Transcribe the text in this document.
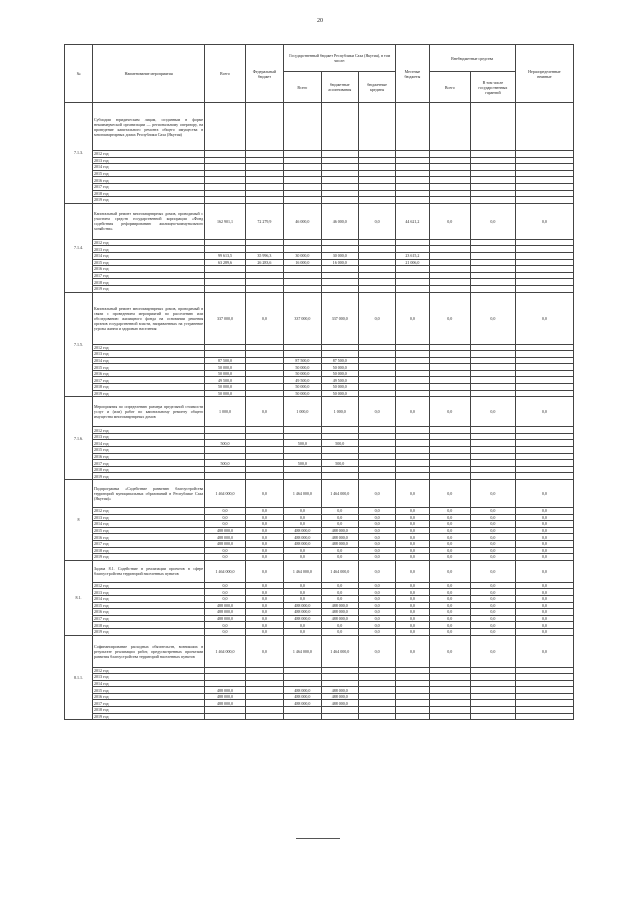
20
№	Наименование мероприятия	Всего	Федеральный бюджет	Государственный бюджет Республики Саха (Якутия), в том числе:			Местные бюджеты	Внебюджетные средства		Нераспределенные
неявные
				Всего	бюджетные ассигнования	бюджетные кредиты		Всего	В том числе государственных гарантий	
7.1.3.	Субсидии юридическим лицам, созданным в форме некоммерческой организации — региональному оператору, на проведение капитального ремонта общего имущества в многоквартирных домах Республики Саха (Якутия)									
	2012 год									
	2013 год									
	2014 год									
	2015 год									
	2016 год									
	2017 год									
	2018 год									
	2019 год									
7.1.4.	Капитальный ремонт многоквартирных домов, проводимый с участием средств государственной корпорации «Фонд содействия реформированию жилищно-коммунального хозяйства»	162 901,1	72 279,9	46 000,0	46 000,0	0,0	44 621,2	0,0	0,0	0,0
	2012 год									
	2013 год									
	2014 год	99 613,5	35 996,3	30 000,0	30 000,0		23 615,2			
	2015 год	63 289,6	26 283,6	16 000,0	16 000,0		21 006,0			
	2016 год									
	2017 год									
	2018 год									
	2019 год									
7.1.5.	Капитальный ремонт многоквартирных домов, проводимый в связи с проведением мероприятий по расселению или обследованию жилищного фонда на основании решения органов государственной власти, направленных на устранение угрозы жизни и здоровью населения	337 000,0	0,0	337 000,0	337 000,0	0,0	0,0	0,0	0,0	0,0
	2012 год									
	2013 год									
	2014 год	87 500,0		87 500,0	87 500,0					
	2015 год	50 000,0		50 000,0	50 000,0					
	2016 год	50 000,0		50 000,0	50 000,0					
	2017 год	49 500,0		49 500,0	49 500,0					
	2018 год	50 000,0		50 000,0	50 000,0					
	2019 год	50 000,0		50 000,0	50 000,0					
7.1.6.	Мероприятия по определению размера предельной стоимости услуг и (или) работ по капитальному ремонту общего имущества многоквартирных домов	1 000,0	0,0	1 000,0	1 000,0	0,0	0,0	0,0	0,0	0,0
	2012 год									
	2013 год									
	2014 год	500,0		500,0	500,0					
	2015 год									
	2016 год									
	2017 год	500,0		500,0	500,0					
	2018 год									
	2019 год									
8	Подпрограмма «Содействие развитию благоустройства территорий муниципальных образований в Республике Саха (Якутия)»	1 464 000,0	0,0	1 464 000,0	1 464 000,0	0,0	0,0	0,0	0,0	0,0
	2012 год	0,0	0,0	0,0	0,0	0,0	0,0	0,0	0,0	0,0
	2013 год	0,0	0,0	0,0	0,0	0,0	0,0	0,0	0,0	0,0
	2014 год	0,0	0,0	0,0	0,0	0,0	0,0	0,0	0,0	0,0
	2015 год	488 000,0	0,0	488 000,0	488 000,0	0,0	0,0	0,0	0,0	0,0
	2016 год	488 000,0	0,0	488 000,0	488 000,0	0,0	0,0	0,0	0,0	0,0
	2017 год	488 000,0	0,0	488 000,0	488 000,0	0,0	0,0	0,0	0,0	0,0
	2018 год	0,0	0,0	0,0	0,0	0,0	0,0	0,0	0,0	0,0
	2019 год	0,0	0,0	0,0	0,0	0,0	0,0	0,0	0,0	0,0
8.1.	Задача 8.1. Содействие в реализации проектов в сфере благоустройства территорий населенных пунктов	1 464 000,0	0,0	1 464 000,0	1 464 000,0	0,0	0,0	0,0	0,0	0,0
	2012 год	0,0	0,0	0,0	0,0	0,0	0,0	0,0	0,0	0,0
	2013 год	0,0	0,0	0,0	0,0	0,0	0,0	0,0	0,0	0,0
	2014 год	0,0	0,0	0,0	0,0	0,0	0,0	0,0	0,0	0,0
	2015 год	488 000,0	0,0	488 000,0	488 000,0	0,0	0,0	0,0	0,0	0,0
	2016 год	488 000,0	0,0	488 000,0	488 000,0	0,0	0,0	0,0	0,0	0,0
	2017 год	488 000,0	0,0	488 000,0	488 000,0	0,0	0,0	0,0	0,0	0,0
	2018 год	0,0	0,0	0,0	0,0	0,0	0,0	0,0	0,0	0,0
	2019 год	0,0	0,0	0,0	0,0	0,0	0,0	0,0	0,0	0,0
8.1.1.	Софинансирование расходных обязательств, возникших в результате реализации работ, предусмотренных проектами развития благоустройства территорий населенных пунктов	1 464 000,0	0,0	1 464 000,0	1 464 000,0	0,0	0,0	0,0	0,0	0,0
	2012 год									
	2013 год									
	2014 год									
	2015 год	488 000,0		488 000,0	488 000,0					
	2016 год	488 000,0		488 000,0	488 000,0					
	2017 год	488 000,0		488 000,0	488 000,0					
	2018 год									
	2019 год									
